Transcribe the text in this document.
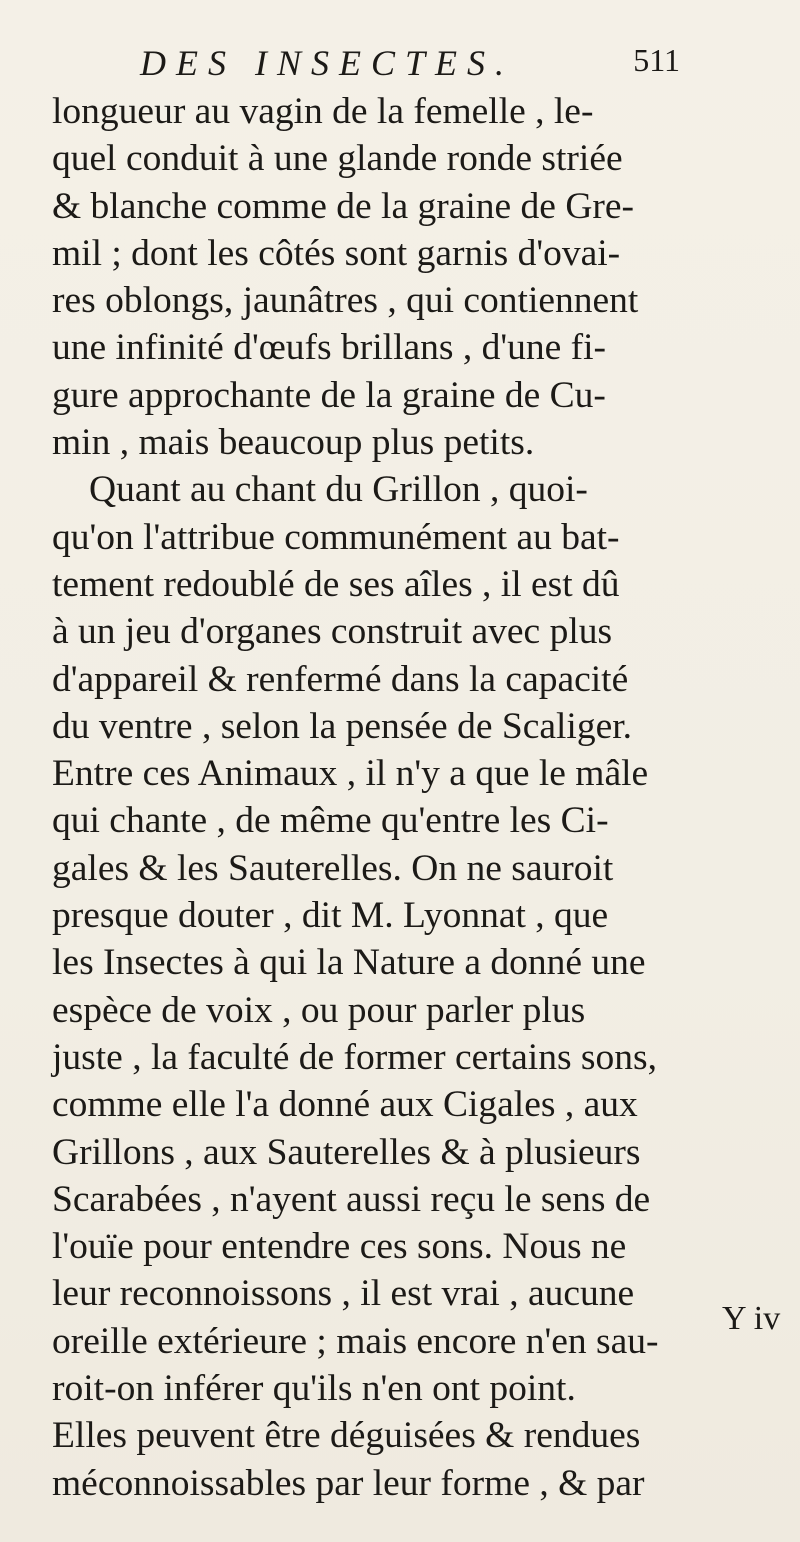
DES INSECTES.	511
longueur au vagin de la femelle , le-
quel conduit à une glande ronde striée
& blanche comme de la graine de Gre-
mil ; dont les côtés sont garnis d'ovai-
res oblongs, jaunâtres , qui contiennent
une infinité d'œufs brillans , d'une fi-
gure approchante de la graine de Cu-
min , mais beaucoup plus petits.
Quant au chant du Grillon , quoi-
qu'on l'attribue communément au bat-
tement redoublé de ses aîles , il est dû
à un jeu d'organes construit avec plus
d'appareil & renfermé dans la capacité
du ventre , selon la pensée de Scaliger.
Entre ces Animaux , il n'y a que le mâle
qui chante , de même qu'entre les Ci-
gales & les Sauterelles. On ne sauroit
presque douter , dit M. Lyonnat , que
les Insectes à qui la Nature a donné une
espèce de voix , ou pour parler plus
juste , la faculté de former certains sons,
comme elle l'a donné aux Cigales , aux
Grillons , aux Sauterelles & à plusieurs
Scarabées , n'ayent aussi reçu le sens de
l'ouïe pour entendre ces sons. Nous ne
leur reconnoissons , il est vrai , aucune
oreille extérieure ; mais encore n'en sau-
roit-on inférer qu'ils n'en ont point.
Elles peuvent être déguisées & rendues
méconnoissables par leur forme , & par
Y iv
